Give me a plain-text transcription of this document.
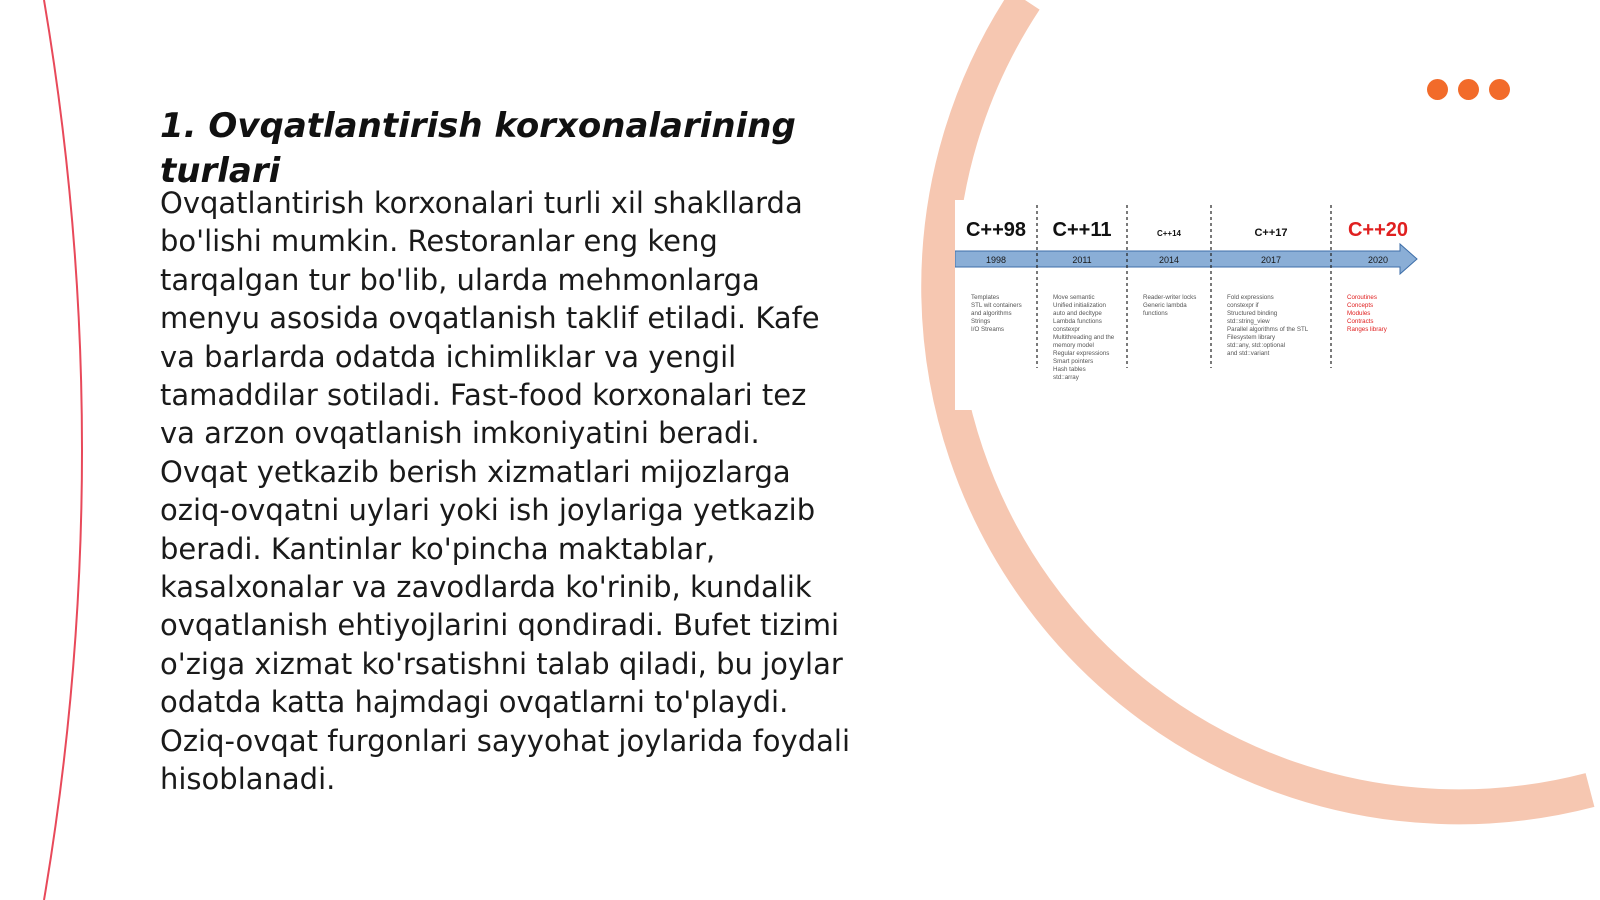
1. Ovqatlantirish korxonalarining turlari

Ovqatlantirish korxonalari turli xil shakllarda bo'lishi mumkin. Restoranlar eng keng tarqalgan tur bo'lib, ularda mehmonlarga menyu asosida ovqatlanish taklif etiladi. Kafe va barlarda odatda ichimliklar va yengil tamaddilar sotiladi. Fast-food korxonalari tez va arzon ovqatlanish imkoniyatini beradi. Ovqat yetkazib berish xizmatlari mijozlarga oziq-ovqatni uylari yoki ish joylariga yetkazib beradi. Kantinlar ko'pincha maktablar, kasalxonalar va zavodlarda ko'rinib, kundalik ovqatlanish ehtiyojlarini qondiradi. Bufet tizimi o'ziga xizmat ko'rsatishni talab qiladi, bu joylar odatda katta hajmdagi ovqatlarni to'playdi. Oziq-ovqat furgonlari sayyohat joylarida foydali hisoblanadi.

C++98
1998
Templates
STL wit containers
and algorithms
Strings
I/O Streams
C++11
2011
Move semantic
Unified initialization
auto and decltype
Lambda functions
constexpr
Multithreading and the
memory model
Regular expressions
Smart pointers
Hash tables
std::array
C++14
2014
Reader-writer locks
Generic lambda
functions
C++17
2017
Fold expressions
constexpr if
Structured binding
std::string_view
Parallel algorithms of the STL
Filesystem library
std::any, std::optional
and std::variant
C++20
2020
Coroutines
Concepts
Modules
Contracts
Ranges library
